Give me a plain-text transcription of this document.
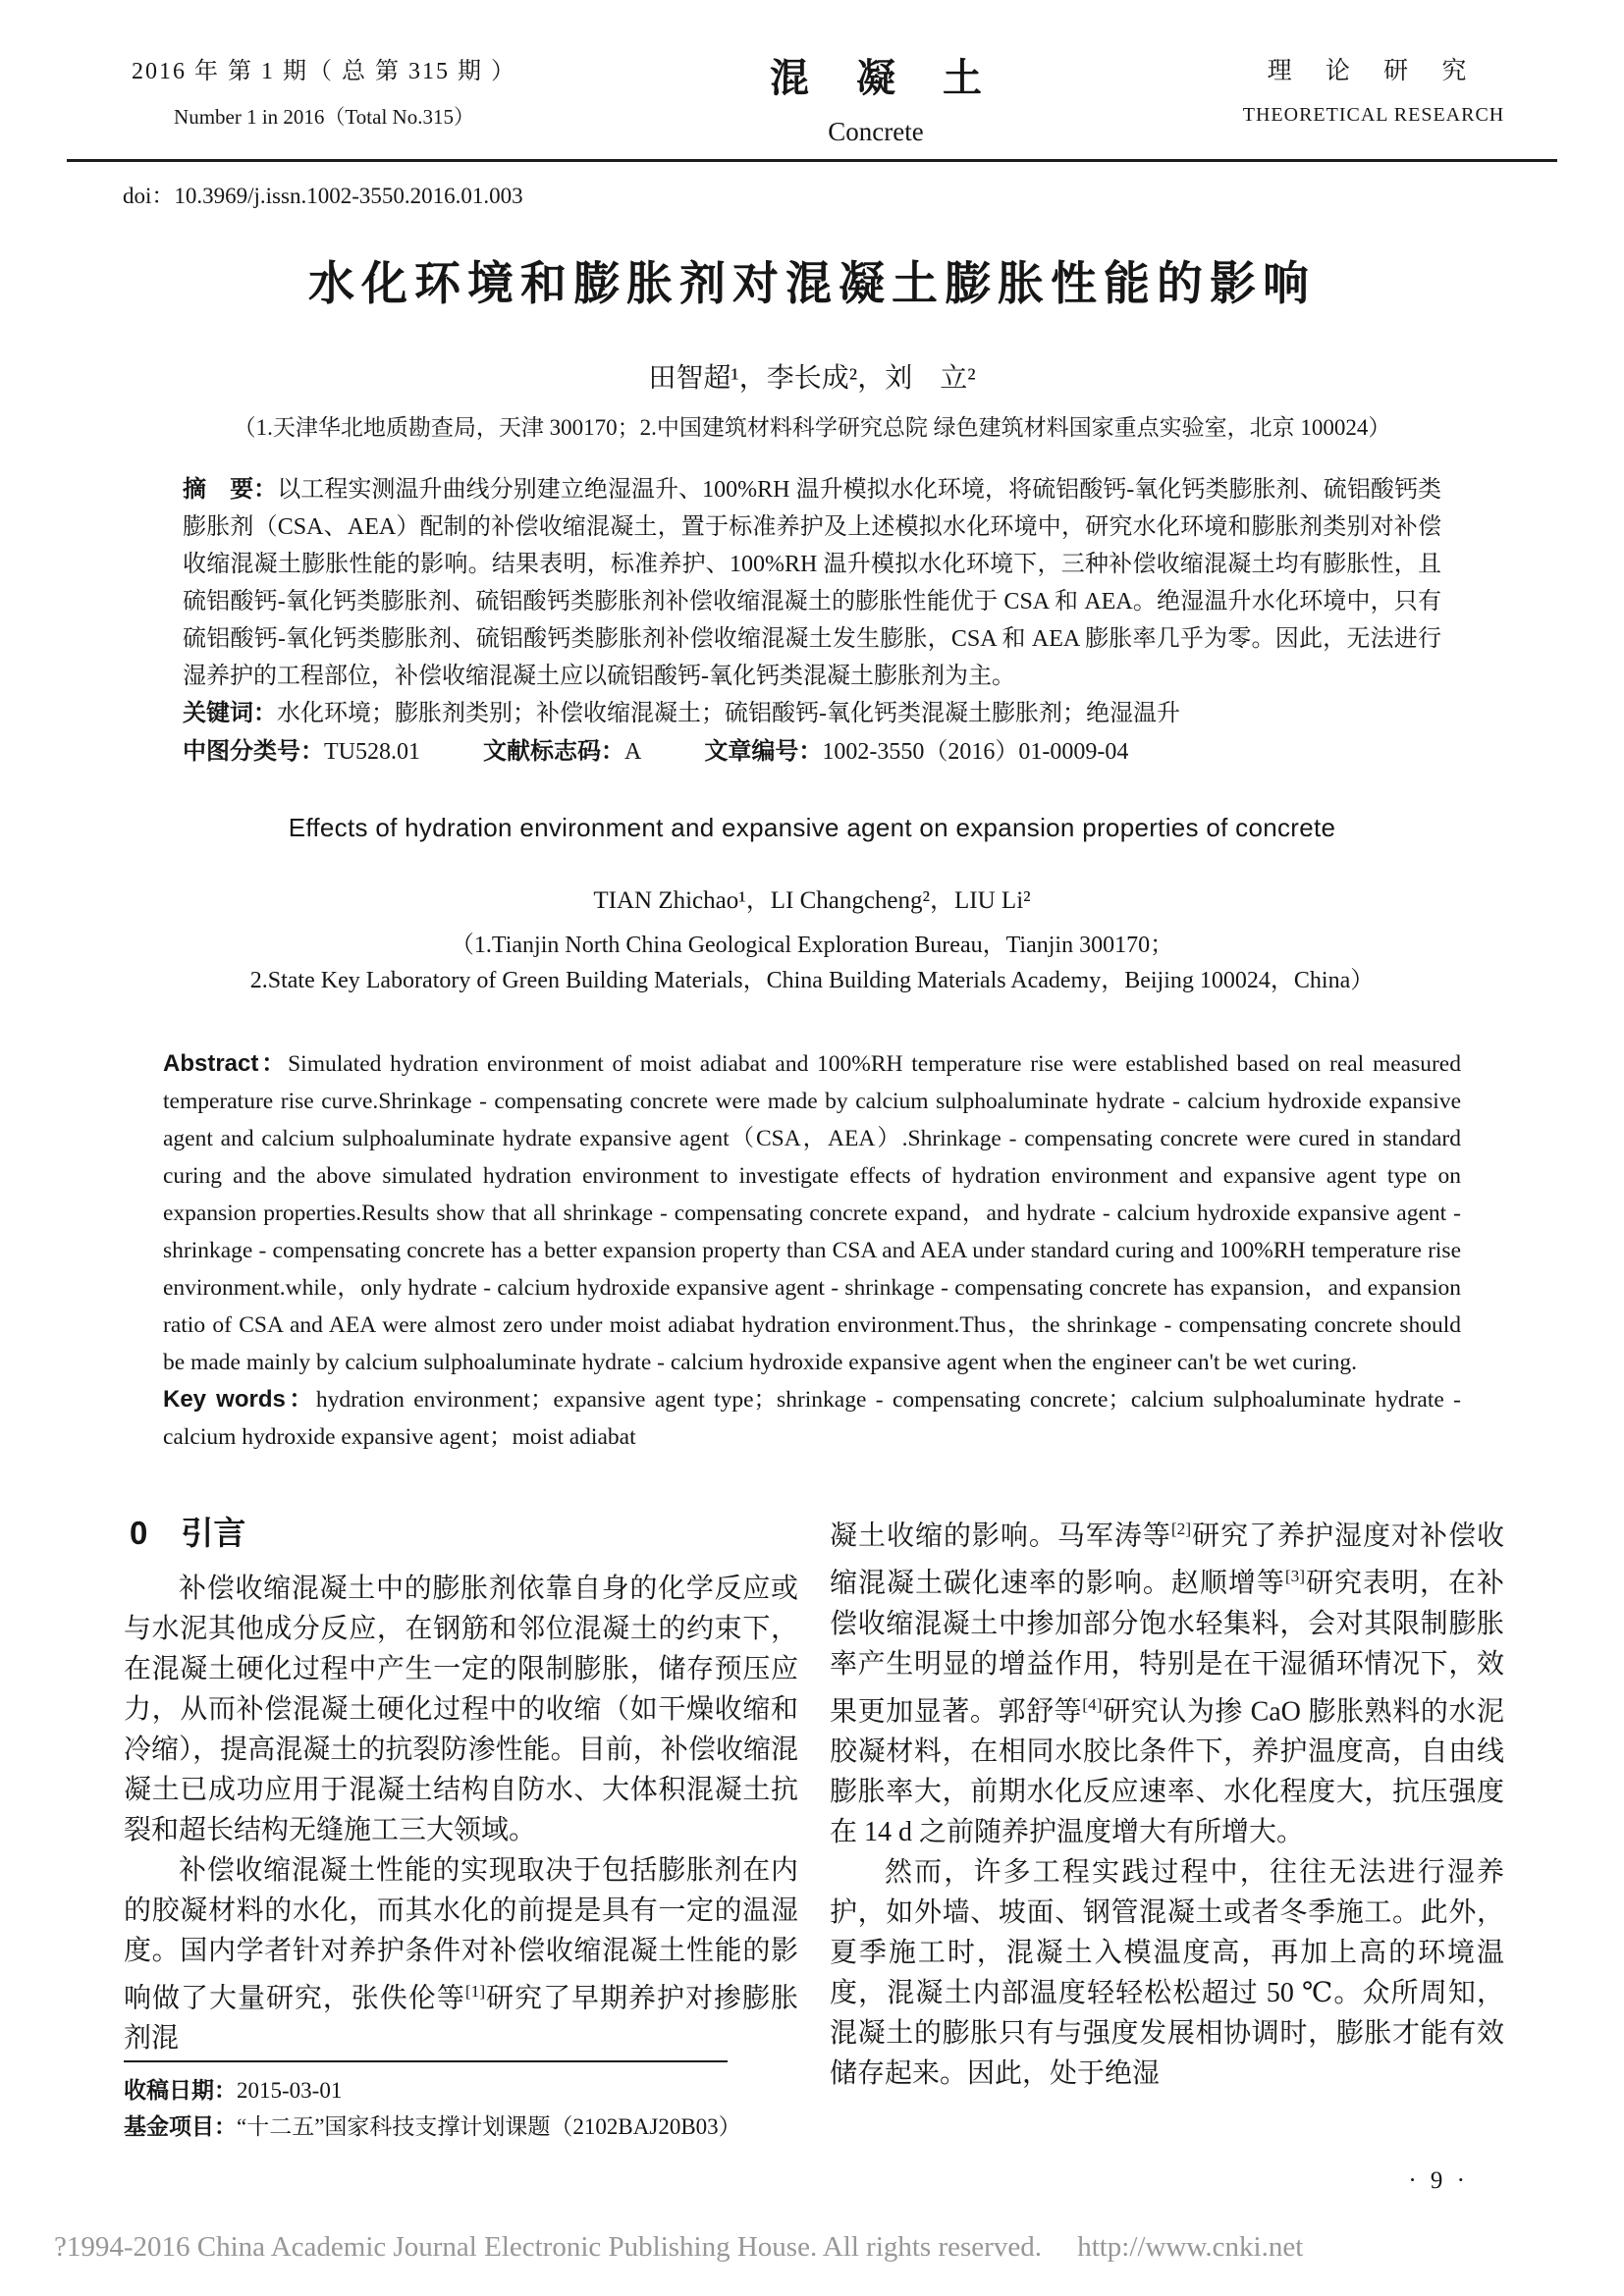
2016 年 第 1 期（ 总 第 315 期 ）
Number 1 in 2016（Total No.315）
混凝土
Concrete
理 论 研 究
THEORETICAL RESEARCH
doi：10.3969/j.issn.1002-3550.2016.01.003
水化环境和膨胀剂对混凝土膨胀性能的影响
田智超¹，李长成²，刘　立²
（1.天津华北地质勘查局，天津 300170；2.中国建筑材料科学研究总院 绿色建筑材料国家重点实验室，北京 100024）

摘　要：以工程实测温升曲线分别建立绝湿温升、100%RH 温升模拟水化环境，将硫铝酸钙-氧化钙类膨胀剂、硫铝酸钙类膨胀剂（CSA、AEA）配制的补偿收缩混凝土，置于标准养护及上述模拟水化环境中，研究水化环境和膨胀剂类别对补偿收缩混凝土膨胀性能的影响。结果表明，标准养护、100%RH 温升模拟水化环境下，三种补偿收缩混凝土均有膨胀性，且硫铝酸钙-氧化钙类膨胀剂、硫铝酸钙类膨胀剂补偿收缩混凝土的膨胀性能优于 CSA 和 AEA。绝湿温升水化环境中，只有硫铝酸钙-氧化钙类膨胀剂、硫铝酸钙类膨胀剂补偿收缩混凝土发生膨胀，CSA 和 AEA 膨胀率几乎为零。因此，无法进行湿养护的工程部位，补偿收缩混凝土应以硫铝酸钙-氧化钙类混凝土膨胀剂为主。

关键词：水化环境；膨胀剂类别；补偿收缩混凝土；硫铝酸钙-氧化钙类混凝土膨胀剂；绝湿温升

中图分类号：TU528.01	文献标志码：A	文章编号：1002-3550（2016）01-0009-04

Effects of hydration environment and expansive agent on expansion properties of concrete
TIAN Zhichao¹，LI Changcheng²，LIU Li²
（1.Tianjin North China Geological Exploration Bureau，Tianjin 300170；
2.State Key Laboratory of Green Building Materials，China Building Materials Academy，Beijing 100024，China）

Abstract：Simulated hydration environment of moist adiabat and 100%RH temperature rise were established based on real measured temperature rise curve.Shrinkage - compensating concrete were made by calcium sulphoaluminate hydrate - calcium hydroxide expansive agent and calcium sulphoaluminate hydrate expansive agent（CSA，AEA）.Shrinkage - compensating concrete were cured in standard curing and the above simulated hydration environment to investigate effects of hydration environment and expansive agent type on expansion properties.Results show that all shrinkage - compensating concrete expand，and hydrate - calcium hydroxide expansive agent - shrinkage - compensating concrete has a better expansion property than CSA and AEA under standard curing and 100%RH temperature rise environment.while，only hydrate - calcium hydroxide expansive agent - shrinkage - compensating concrete has expansion，and expansion ratio of CSA and AEA were almost zero under moist adiabat hydration environment.Thus，the shrinkage - compensating concrete should be made mainly by calcium sulphoaluminate hydrate - calcium hydroxide expansive agent when the engineer can't be wet curing.

Key words：hydration environment；expansive agent type；shrinkage - compensating concrete；calcium sulphoaluminate hydrate - calcium hydroxide expansive agent；moist adiabat

0 引言

补偿收缩混凝土中的膨胀剂依靠自身的化学反应或与水泥其他成分反应，在钢筋和邻位混凝土的约束下，在混凝土硬化过程中产生一定的限制膨胀，储存预压应力，从而补偿混凝土硬化过程中的收缩（如干燥收缩和冷缩），提高混凝土的抗裂防渗性能。目前，补偿收缩混凝土已成功应用于混凝土结构自防水、大体积混凝土抗裂和超长结构无缝施工三大领域。

补偿收缩混凝土性能的实现取决于包括膨胀剂在内的胶凝材料的水化，而其水化的前提是具有一定的温湿度。国内学者针对养护条件对补偿收缩混凝土性能的影响做了大量研究，张佚伦等[1]研究了早期养护对掺膨胀剂混

收稿日期：2015-03-01
基金项目：“十二五”国家科技支撑计划课题（2102BAJ20B03）

凝土收缩的影响。马军涛等[2]研究了养护湿度对补偿收缩混凝土碳化速率的影响。赵顺增等[3]研究表明，在补偿收缩混凝土中掺加部分饱水轻集料，会对其限制膨胀率产生明显的增益作用，特别是在干湿循环情况下，效果更加显著。郭舒等[4]研究认为掺 CaO 膨胀熟料的水泥胶凝材料，在相同水胶比条件下，养护温度高，自由线膨胀率大，前期水化反应速率、水化程度大，抗压强度在 14 d 之前随养护温度增大有所增大。

然而，许多工程实践过程中，往往无法进行湿养护，如外墙、坡面、钢管混凝土或者冬季施工。此外，夏季施工时，混凝土入模温度高，再加上高的环境温度，混凝土内部温度轻轻松松超过 50 ℃。众所周知，混凝土的膨胀只有与强度发展相协调时，膨胀才能有效储存起来。因此，处于绝湿

· 9 ·
?1994-2016 China Academic Journal Electronic Publishing House. All rights reserved.　 http://www.cnki.net
